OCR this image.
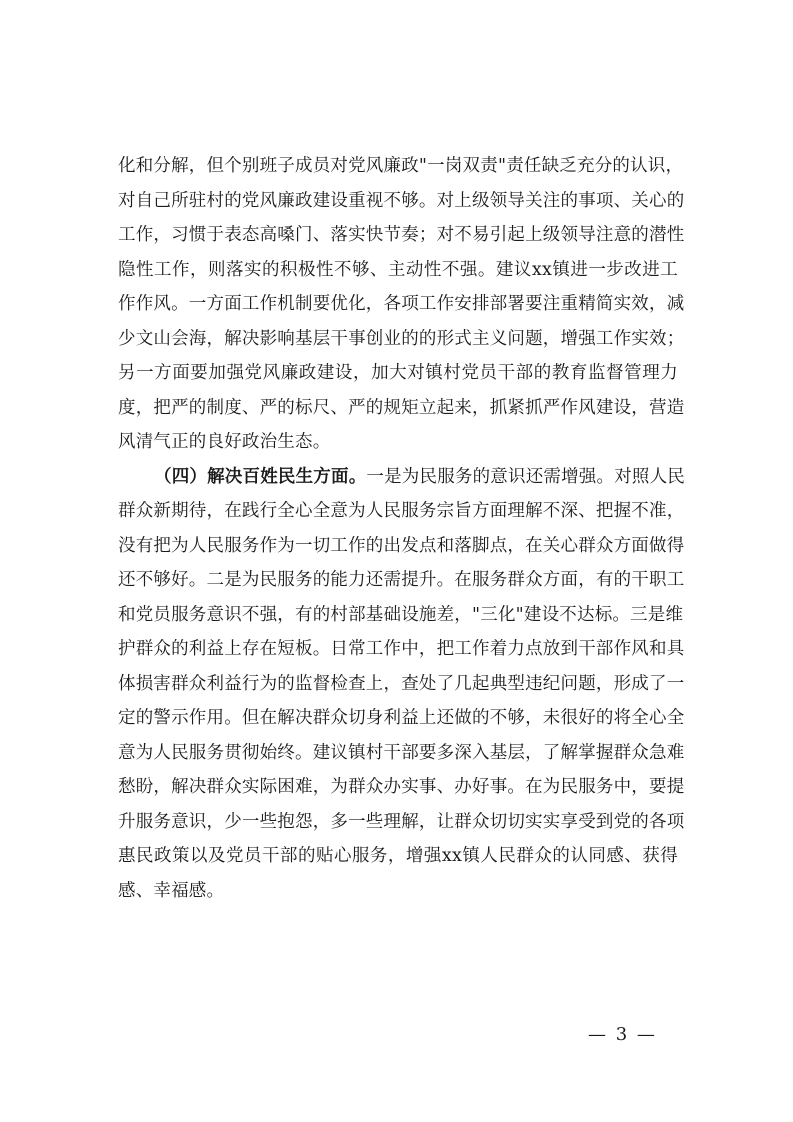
化和分解，但个别班子成员对党风廉政"一岗双责"责任缺乏充分的认识，
对自己所驻村的党风廉政建设重视不够。对上级领导关注的事项、关心的
工作，习惯于表态高嗓门、落实快节奏；对不易引起上级领导注意的潜性
隐性工作，则落实的积极性不够、主动性不强。建议xx镇进一步改进工
作作风。一方面工作机制要优化，各项工作安排部署要注重精简实效，减
少文山会海，解决影响基层干事创业的的形式主义问题，增强工作实效；
另一方面要加强党风廉政建设，加大对镇村党员干部的教育监督管理力
度，把严的制度、严的标尺、严的规矩立起来，抓紧抓严作风建设，营造
风清气正的良好政治生态。
（四）解决百姓民生方面。一是为民服务的意识还需增强。对照人民
群众新期待，在践行全心全意为人民服务宗旨方面理解不深、把握不准，
没有把为人民服务作为一切工作的出发点和落脚点，在关心群众方面做得
还不够好。二是为民服务的能力还需提升。在服务群众方面，有的干职工
和党员服务意识不强，有的村部基础设施差，"三化"建设不达标。三是维
护群众的利益上存在短板。日常工作中，把工作着力点放到干部作风和具
体损害群众利益行为的监督检查上，查处了几起典型违纪问题，形成了一
定的警示作用。但在解决群众切身利益上还做的不够，未很好的将全心全
意为人民服务贯彻始终。建议镇村干部要多深入基层，了解掌握群众急难
愁盼，解决群众实际困难，为群众办实事、办好事。在为民服务中，要提
升服务意识，少一些抱怨，多一些理解，让群众切切实实享受到党的各项
惠民政策以及党员干部的贴心服务，增强xx镇人民群众的认同感、获得
感、幸福感。
— 3 —
